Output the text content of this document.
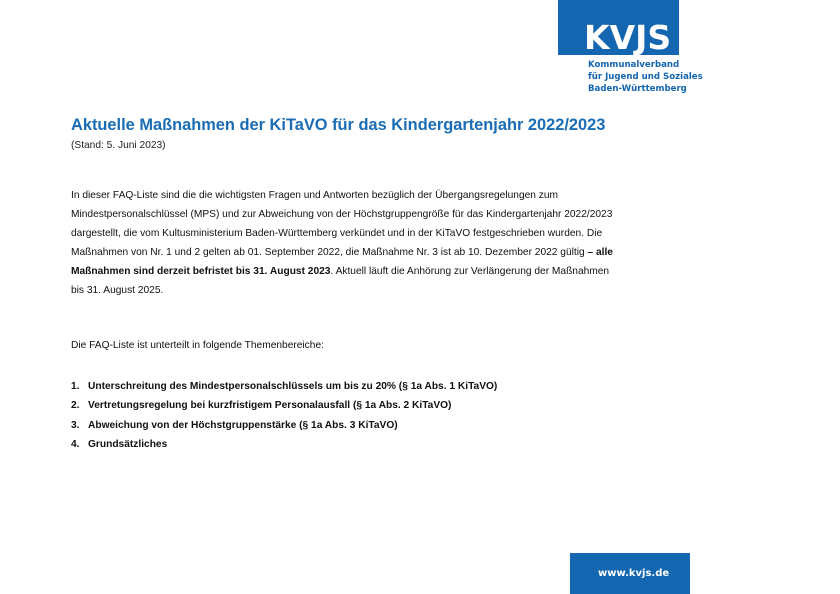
KVJS
Kommunalverband
für Jugend und Soziales
Baden-Württemberg
Aktuelle Maßnahmen der KiTaVO für das Kindergartenjahr 2022/2023
(Stand: 5. Juni 2023)

In dieser FAQ-Liste sind die die wichtigsten Fragen und Antworten bezüglich der Übergangsregelungen zum

Mindestpersonalschlüssel (MPS) und zur Abweichung von der Höchstgruppengröße für das Kindergartenjahr 2022/2023

dargestellt, die vom Kultusministerium Baden-Württemberg verkündet und in der KiTaVO festgeschrieben wurden. Die

Maßnahmen von Nr. 1 und 2 gelten ab 01. September 2022, die Maßnahme Nr. 3 ist ab 10. Dezember 2022 gültig – alle

Maßnahmen sind derzeit befristet bis 31. August 2023. Aktuell läuft die Anhörung zur Verlängerung der Maßnahmen

bis 31. August 2025.

Die FAQ-Liste ist unterteilt in folgende Themenbereiche:
1. Unterschreitung des Mindestpersonalschlüssels um bis zu 20% (§ 1a Abs. 1 KiTaVO)
2. Vertretungsregelung bei kurzfristigem Personalausfall (§ 1a Abs. 2 KiTaVO)
3. Abweichung von der Höchstgruppenstärke (§ 1a Abs. 3 KiTaVO)
4. Grundsätzliches
www.kvjs.de
